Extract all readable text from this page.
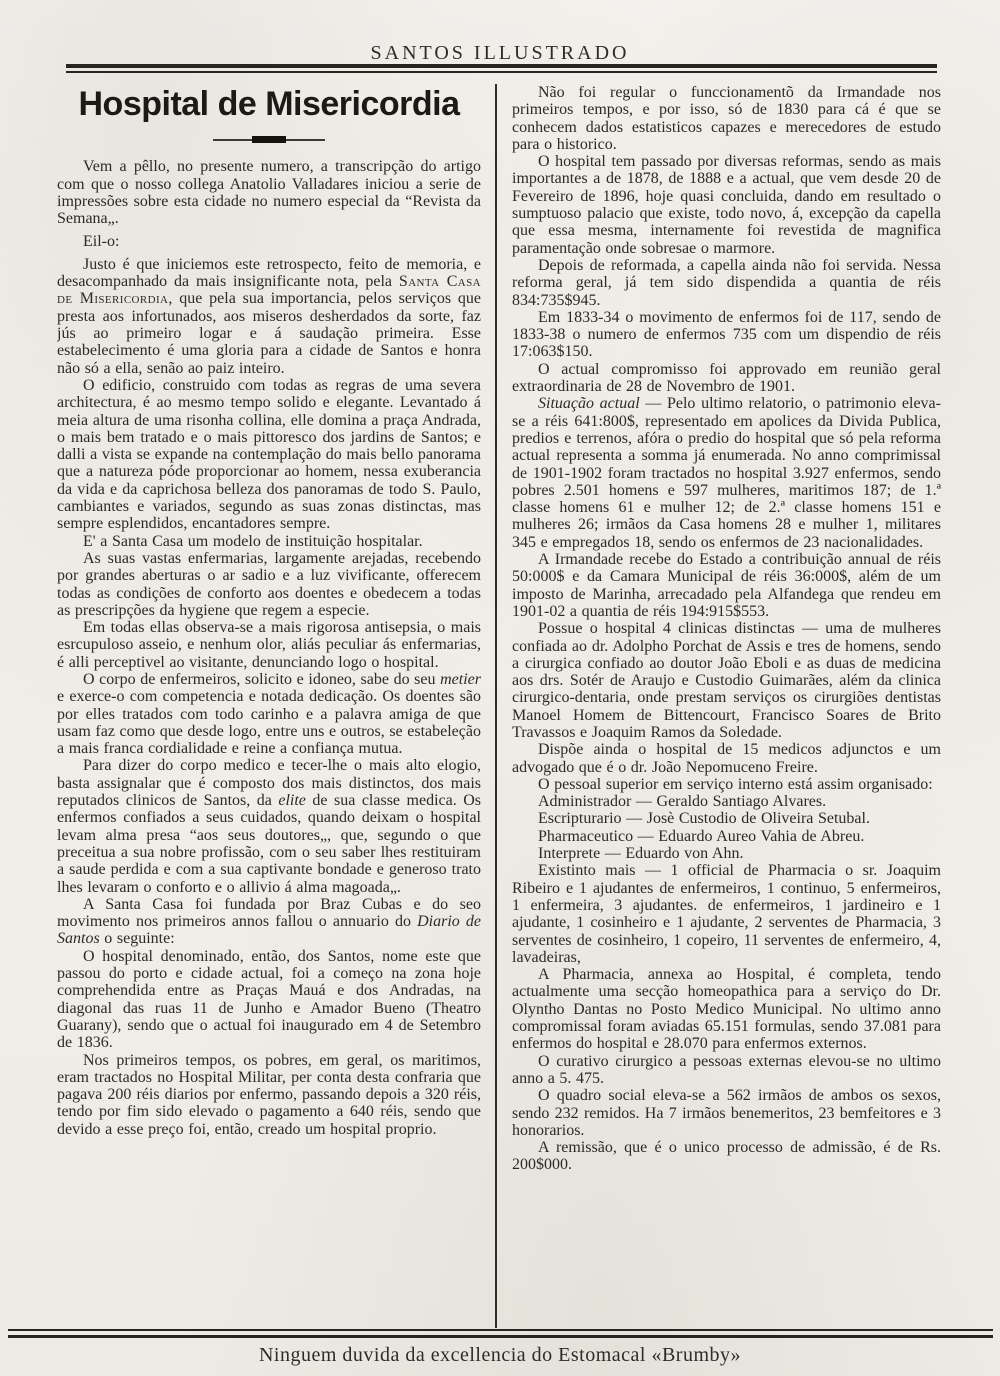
SANTOS ILLUSTRADO
Hospital de Misericordia

Vem a pêllo, no presente numero, a transcripção do artigo com que o nosso collega Anatolio Valladares iniciou a serie de impressões sobre esta cidade no numero especial da “Revista da Semana„.

Eil-o:

Justo é que iniciemos este retrospecto, feito de memoria, e desacompanhado da mais insignificante nota, pela Santa Casa de Misericordia, que pela sua importancia, pelos serviços que presta aos infortunados, aos miseros desherdados da sorte, faz jús ao primeiro logar e á saudação primeira. Esse estabelecimento é uma gloria para a cidade de Santos e honra não só a ella, senão ao paiz inteiro.

O edificio, construido com todas as regras de uma severa architectura, é ao mesmo tempo solido e elegante. Levantado á meia altura de uma risonha collina, elle domina a praça Andrada, o mais bem tratado e o mais pittoresco dos jardins de Santos; e dalli a vista se expande na contemplação do mais bello panorama que a natureza póde proporcionar ao homem, nessa exuberancia da vida e da caprichosa belleza dos panoramas de todo S. Paulo, cambiantes e variados, segundo as suas zonas distinctas, mas sempre esplendidos, encantadores sempre.

E' a Santa Casa um modelo de instituição hospitalar.

As suas vastas enfermarias, largamente arejadas, recebendo por grandes aberturas o ar sadio e a luz vivificante, offerecem todas as condições de conforto aos doentes e obedecem a todas as prescripções da hygiene que regem a especie.

Em todas ellas observa-se a mais rigorosa antisepsia, o mais esrcupuloso asseio, e nenhum olor, aliás peculiar ás enfermarias, é alli perceptivel ao visitante, denunciando logo o hospital.

O corpo de enfermeiros, solicito e idoneo, sabe do seu metier e exerce-o com competencia e notada dedicação. Os doentes são por elles tratados com todo carinho e a palavra amiga de que usam faz como que desde logo, entre uns e outros, se estabeleção a mais franca cordialidade e reine a confiança mutua.

Para dizer do corpo medico e tecer-lhe o mais alto elogio, basta assignalar que é composto dos mais distinctos, dos mais reputados clinicos de Santos, da elite de sua classe medica. Os enfermos confiados a seus cuidados, quando deixam o hospital levam alma presa “aos seus doutores„, que, segundo o que preceitua a sua nobre profissão, com o seu saber lhes restituiram a saude perdida e com a sua captivante bondade e generoso trato lhes levaram o conforto e o allivio á alma magoada„.

A Santa Casa foi fundada por Braz Cubas e do seo movimento nos primeiros annos fallou o annuario do Diario de Santos o seguinte:

O hospital denominado, então, dos Santos, nome este que passou do porto e cidade actual, foi a começo na zona hoje comprehendida entre as Praças Mauá e dos Andradas, na diagonal das ruas 11 de Junho e Amador Bueno (Theatro Guarany), sendo que o actual foi inaugurado em 4 de Setembro de 1836.

Nos primeiros tempos, os pobres, em geral, os maritimos, eram tractados no Hospital Militar, per conta desta confraria que pagava 200 réis diarios por enfermo, passando depois a 320 réis, tendo por fim sido elevado o pagamento a 640 réis, sendo que devido a esse preço foi, então, creado um hospital proprio.

Não foi regular o funccionamentõ da Irmandade nos primeiros tempos, e por isso, só de 1830 para cá é que se conhecem dados estatisticos capazes e merecedores de estudo para o historico.

O hospital tem passado por diversas reformas, sendo as mais importantes a de 1878, de 1888 e a actual, que vem desde 20 de Fevereiro de 1896, hoje quasi concluida, dando em resultado o sumptuoso palacio que existe, todo novo, á, excepção da capella que essa mesma, internamente foi revestida de magnifica paramentação onde sobresae o marmore.

Depois de reformada, a capella ainda não foi servida. Nessa reforma geral, já tem sido dispendida a quantia de réis 834:735$945.

Em 1833-34 o movimento de enfermos foi de 117, sendo de 1833-38 o numero de enfermos 735 com um dispendio de réis 17:063$150.

O actual compromisso foi approvado em reunião geral extraordinaria de 28 de Novembro de 1901.

Situação actual — Pelo ultimo relatorio, o patrimonio eleva-se a réis 641:800$, representado em apolices da Divida Publica, predios e terrenos, afóra o predio do hospital que só pela reforma actual representa a somma já enumerada. No anno comprimissal de 1901-1902 foram tractados no hospital 3.927 enfermos, sendo pobres 2.501 homens e 597 mulheres, maritimos 187; de 1.ª classe homens 61 e mulher 12; de 2.ª classe homens 151 e mulheres 26; irmãos da Casa homens 28 e mulher 1, militares 345 e empregados 18, sendo os enfermos de 23 nacionalidades.

A Irmandade recebe do Estado a contribuição annual de réis 50:000$ e da Camara Municipal de réis 36:000$, além de um imposto de Marinha, arrecadado pela Alfandega que rendeu em 1901-02 a quantia de réis 194:915$553.

Possue o hospital 4 clinicas distinctas — uma de mulheres confiada ao dr. Adolpho Porchat de Assis e tres de homens, sendo a cirurgica confiado ao doutor João Eboli e as duas de medicina aos drs. Sotér de Araujo e Custodio Guimarães, além da clinica cirurgico-dentaria, onde prestam serviços os cirurgiões dentistas Manoel Homem de Bittencourt, Francisco Soares de Brito Travassos e Joaquim Ramos da Soledade.

Dispõe ainda o hospital de 15 medicos adjunctos e um advogado que é o dr. João Nepomuceno Freire.

O pessoal superior em serviço interno está assim organisado:

Administrador — Geraldo Santiago Alvares.

Escripturario — Josè Custodio de Oliveira Setubal.

Pharmaceutico — Eduardo Aureo Vahia de Abreu.

Interprete — Eduardo von Ahn.

Existinto mais — 1 official de Pharmacia o sr. Joaquim Ribeiro e 1 ajudantes de enfermeiros, 1 continuo, 5 enfermeiros, 1 enfermeira, 3 ajudantes. de enfermeiros, 1 jardineiro e 1 ajudante, 1 cosinheiro e 1 ajudante, 2 serventes de Pharmacia, 3 serventes de cosinheiro, 1 copeiro, 11 serventes de enfermeiro, 4, lavadeiras,

A Pharmacia, annexa ao Hospital, é completa, tendo actualmente uma secção homeopathica para a serviço do Dr. Olyntho Dantas no Posto Medico Municipal. No ultimo anno compromissal foram aviadas 65.151 formulas, sendo 37.081 para enfermos do hospital e 28.070 para enfermos externos.

O curativo cirurgico a pessoas externas elevou-se no ultimo anno a 5. 475.

O quadro social eleva-se a 562 irmãos de ambos os sexos, sendo 232 remidos. Ha 7 irmãos benemeritos, 23 bemfeitores e 3 honorarios.

A remissão, que é o unico processo de admissão, é de Rs. 200$000.

Ninguem duvida da excellencia do Estomacal «Brumby»
